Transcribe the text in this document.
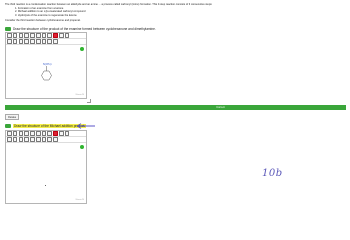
The third reaction is a condensation reaction between an aldehyde and an amine ... a process called carbonyl (imine) formation. This 3-step reaction consists of 3 consecutive steps:
1. Formation of an enamine from a ketone
2. Michael addition to an α,β-unsaturated carbonyl compound
3. Hydrolysis of the enamine to regenerate the ketone
Consider the third reaction between cyclohexanone and propenal.
Draw the structure of the product of the enamine formed between cyclohexanone and dimethylamine.
N(CH₃)₂
MarvinJS
Correct
Retake
Draw the structure of the Michael addition product.
MarvinJS
10b
